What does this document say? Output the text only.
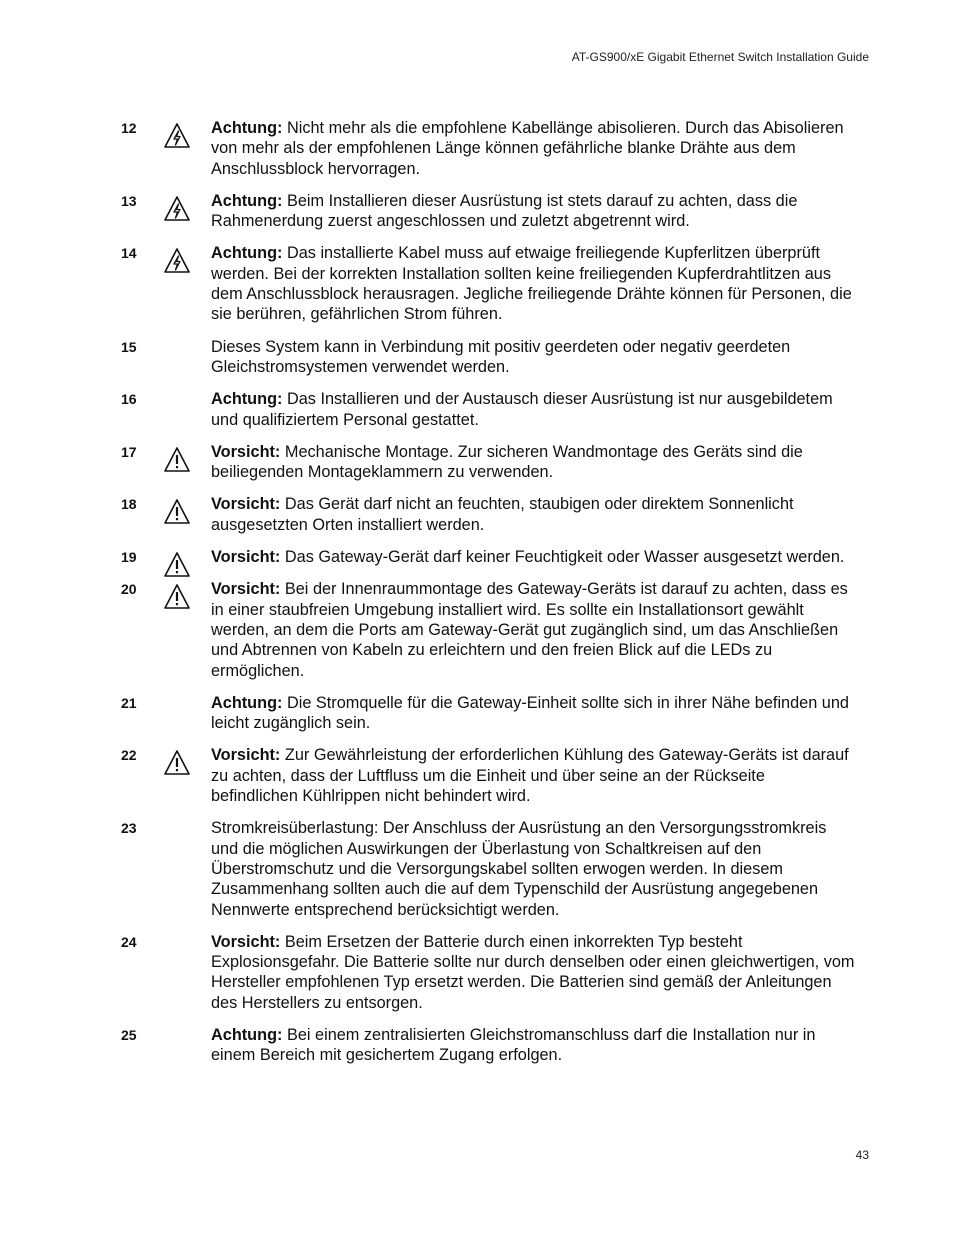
AT-GS900/xE Gigabit Ethernet Switch Installation Guide
12	Achtung: Nicht mehr als die empfohlene Kabellänge abisolieren. Durch das Abisolieren von mehr als der empfohlenen Länge können gefährliche blanke Drähte aus dem Anschlussblock hervorragen.
13	Achtung: Beim Installieren dieser Ausrüstung ist stets darauf zu achten, dass die Rahmenerdung zuerst angeschlossen und zuletzt abgetrennt wird.
14	Achtung: Das installierte Kabel muss auf etwaige freiliegende Kupferlitzen überprüft werden. Bei der korrekten Installation sollten keine freiliegenden Kupferdrahtlitzen aus dem Anschlussblock herausragen. Jegliche freiliegende Drähte können für Personen, die sie berühren, gefährlichen Strom führen.
15	Dieses System kann in Verbindung mit positiv geerdeten oder negativ geerdeten Gleichstromsystemen verwendet werden.
16	Achtung: Das Installieren und der Austausch dieser Ausrüstung ist nur ausgebildetem und qualifiziertem Personal gestattet.
17	Vorsicht: Mechanische Montage. Zur sicheren Wandmontage des Geräts sind die beiliegenden Montageklammern zu verwenden.
18	Vorsicht: Das Gerät darf nicht an feuchten, staubigen oder direktem Sonnenlicht ausgesetzten Orten installiert werden.
19	Vorsicht: Das Gateway-Gerät darf keiner Feuchtigkeit oder Wasser ausgesetzt werden.
20	Vorsicht: Bei der Innenraummontage des Gateway-Geräts ist darauf zu achten, dass es in einer staubfreien Umgebung installiert wird. Es sollte ein Installationsort gewählt werden, an dem die Ports am Gateway-Gerät gut zugänglich sind, um das Anschließen und Abtrennen von Kabeln zu erleichtern und den freien Blick auf die LEDs zu ermöglichen.
21	Achtung: Die Stromquelle für die Gateway-Einheit sollte sich in ihrer Nähe befinden und leicht zugänglich sein.
22	Vorsicht: Zur Gewährleistung der erforderlichen Kühlung des Gateway-Geräts ist darauf zu achten, dass der Luftfluss um die Einheit und über seine an der Rückseite befindlichen Kühlrippen nicht behindert wird.
23	Stromkreisüberlastung: Der Anschluss der Ausrüstung an den Versorgungsstromkreis und die möglichen Auswirkungen der Überlastung von Schaltkreisen auf den Überstromschutz und die Versorgungskabel sollten erwogen werden. In diesem Zusammenhang sollten auch die auf dem Typenschild der Ausrüstung angegebenen Nennwerte entsprechend berücksichtigt werden.
24	Vorsicht: Beim Ersetzen der Batterie durch einen inkorrekten Typ besteht Explosionsgefahr. Die Batterie sollte nur durch denselben oder einen gleichwertigen, vom Hersteller empfohlenen Typ ersetzt werden. Die Batterien sind gemäß der Anleitungen des Herstellers zu entsorgen.
25	Achtung: Bei einem zentralisierten Gleichstromanschluss darf die Installation nur in einem Bereich mit gesichertem Zugang erfolgen.
43
